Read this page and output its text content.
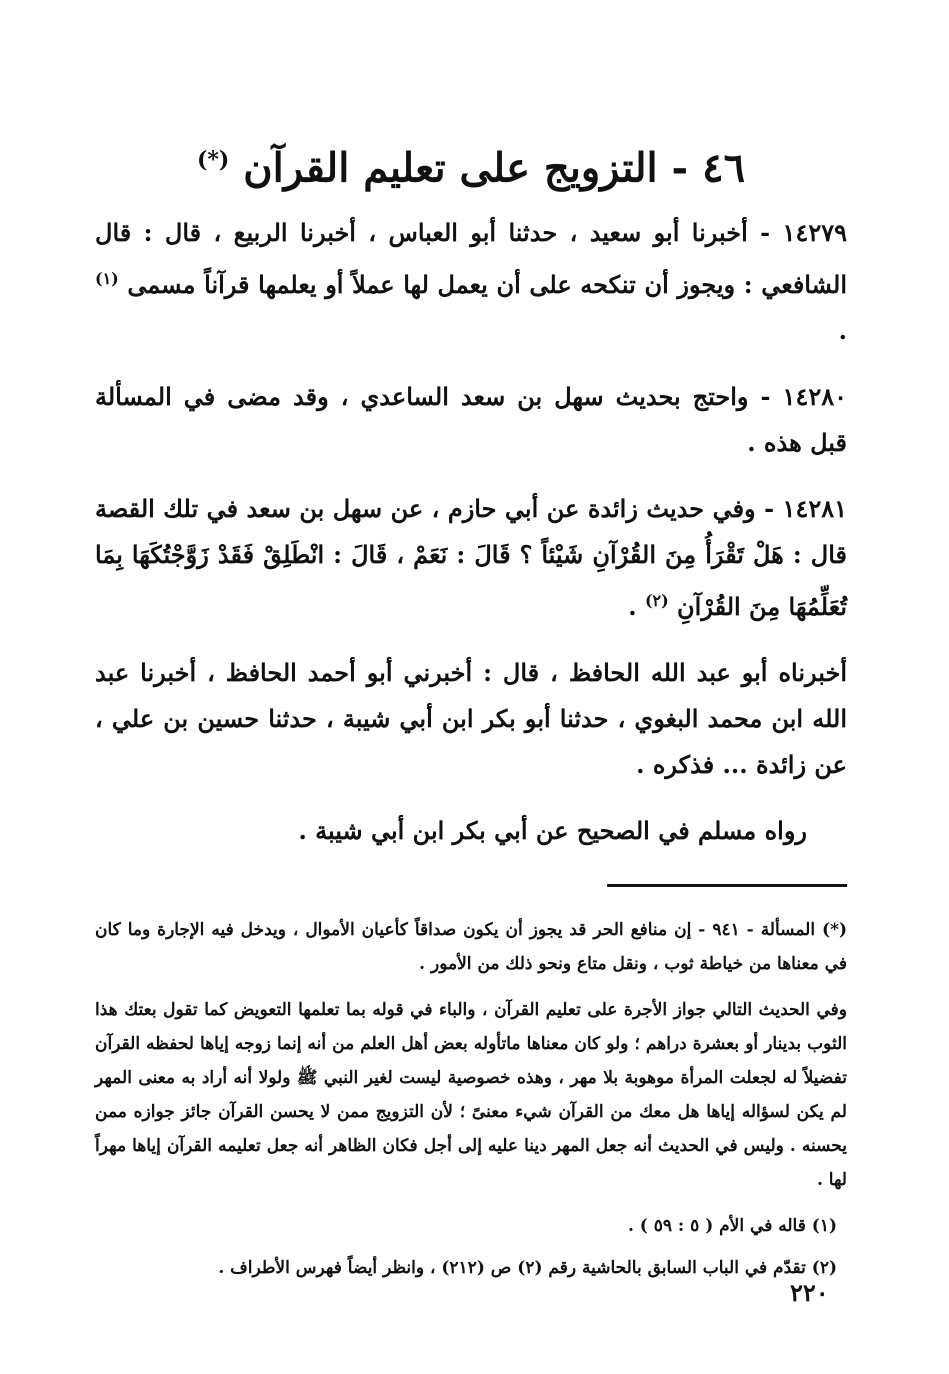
٤٦ - التزويج على تعليم القرآن (*)

١٤٢٧٩ - أخبرنا أبو سعيد ، حدثنا أبو العباس ، أخبرنا الربيع ، قال : قال الشافعي : ويجوز أن تنكحه على أن يعمل لها عملاً أو يعلمها قرآناً مسمى $^{(١)}$ .

١٤٢٨٠ - واحتج بحديث سهل بن سعد الساعدي ، وقد مضى في المسألة قبل هذه .

١٤٢٨١ - وفي حديث زائدة عن أبي حازم ، عن سهل بن سعد في تلك القصة قال : هَلْ تَقْرَأُ مِنَ القُرْآنِ شَيْئاً ؟ قَالَ : نَعَمْ ، قَالَ : انْطَلِقْ فَقَدْ زَوَّجْتُكَهَا بِمَا تُعَلِّمُهَا مِنَ القُرْآنِ $^{(٢)}$ .

أخبرناه أبو عبد الله الحافظ ، قال : أخبرني أبو أحمد الحافظ ، أخبرنا عبد الله ابن محمد البغوي ، حدثنا أبو بكر ابن أبي شيبة ، حدثنا حسين بن علي ، عن زائدة ... فذكره .

رواه مسلم في الصحيح عن أبي بكر ابن أبي شيبة .

(*) المسألة - ٩٤١ - إن منافع الحر قد يجوز أن يكون صداقاً كأعيان الأموال ، ويدخل فيه الإجارة وما كان في معناها من خياطة ثوب ، ونقل متاع ونحو ذلك من الأمور .

وفي الحديث التالي جواز الأجرة على تعليم القرآن ، والباء في قوله بما تعلمها التعويض كما تقول بعتك هذا الثوب بدينار أو بعشرة دراهم ؛ ولو كان معناها ماتأوله بعض أهل العلم من أنه إنما زوجه إياها لحفظه القرآن تفضيلاً له لجعلت المرأة موهوبة بلا مهر ، وهذه خصوصية ليست لغير النبي ﷺ ولولا أنه أراد به معنى المهر لم يكن لسؤاله إياها هل معك من القرآن شيء معنىً ؛ لأن التزويج ممن لا يحسن القرآن جائز جوازه ممن يحسنه . وليس في الحديث أنه جعل المهر دينا عليه إلى أجل فكان الظاهر أنه جعل تعليمه القرآن إياها مهراً لها .

(١) قاله في الأم ( ٥ : ٥٩ ) .

(٢) تقدّم في الباب السابق بالحاشية رقم (٢) ص (٢١٢) ، وانظر أيضاً فهرس الأطراف .

٢٢٠
